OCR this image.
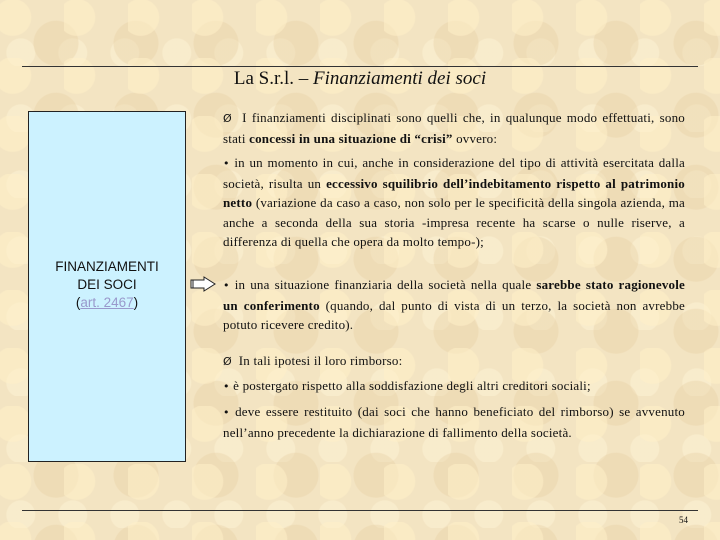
La S.r.l. – Finanziamenti dei soci
FINANZIAMENTI
DEI SOCI
(art. 2467)
Ø I finanziamenti disciplinati sono quelli che, in qualunque modo effettuati, sono stati concessi in una situazione di “crisi” ovvero:
• in un momento in cui, anche in considerazione del tipo di attività esercitata dalla società, risulta un eccessivo squilibrio dell’indebitamento rispetto al patrimonio netto (variazione da caso a caso, non solo per le specificità della singola azienda, ma anche a seconda della sua storia -impresa recente ha scarse o nulle riserve, a differenza di quella che opera da molto tempo-);
• in una situazione finanziaria della società nella quale sarebbe stato ragionevole un conferimento (quando, dal punto di vista di un terzo, la società non avrebbe potuto ricevere credito).
Ø In tali ipotesi il loro rimborso:
• è postergato rispetto alla soddisfazione degli altri creditori sociali;
• deve essere restituito (dai soci che hanno beneficiato del rimborso) se avvenuto nell’anno precedente la dichiarazione di fallimento della società.
54
